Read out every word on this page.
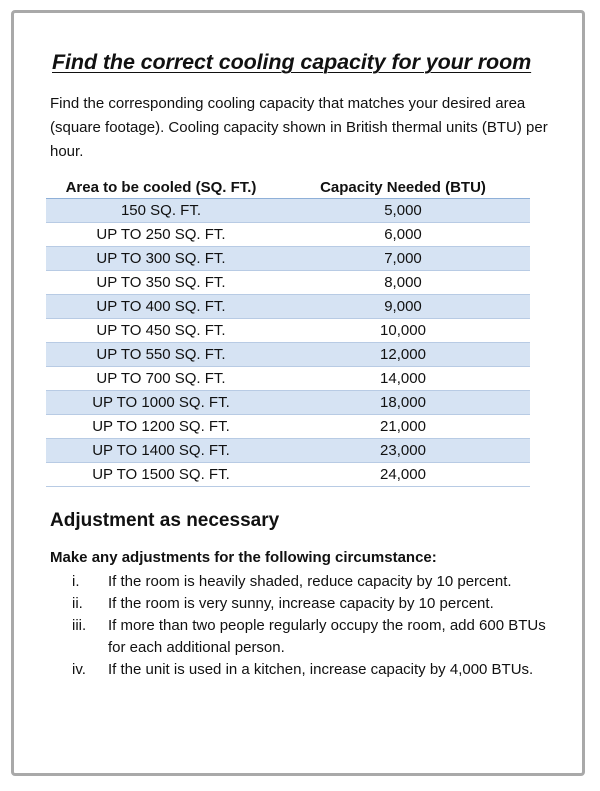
Find the correct cooling capacity for your room

Find the corresponding cooling capacity that matches your desired area (square footage). Cooling capacity shown in British thermal units (BTU) per hour.

Area to be cooled (SQ. FT.)	Capacity Needed (BTU)
150 SQ. FT.	5,000
UP TO 250 SQ. FT.	6,000
UP TO 300 SQ. FT.	7,000
UP TO 350 SQ. FT.	8,000
UP TO 400 SQ. FT.	9,000
UP TO 450 SQ. FT.	10,000
UP TO 550 SQ. FT.	12,000
UP TO 700 SQ. FT.	14,000
UP TO 1000 SQ. FT.	18,000
UP TO 1200 SQ. FT.	21,000
UP TO 1400 SQ. FT.	23,000
UP TO 1500 SQ. FT.	24,000
Adjustment as necessary

Make any adjustments for the following circumstance:

i. If the room is heavily shaded, reduce capacity by 10 percent.
ii. If the room is very sunny, increase capacity by 10 percent.
iii. If more than two people regularly occupy the room, add 600 BTUs for each additional person.
iv. If the unit is used in a kitchen, increase capacity by 4,000 BTUs.
